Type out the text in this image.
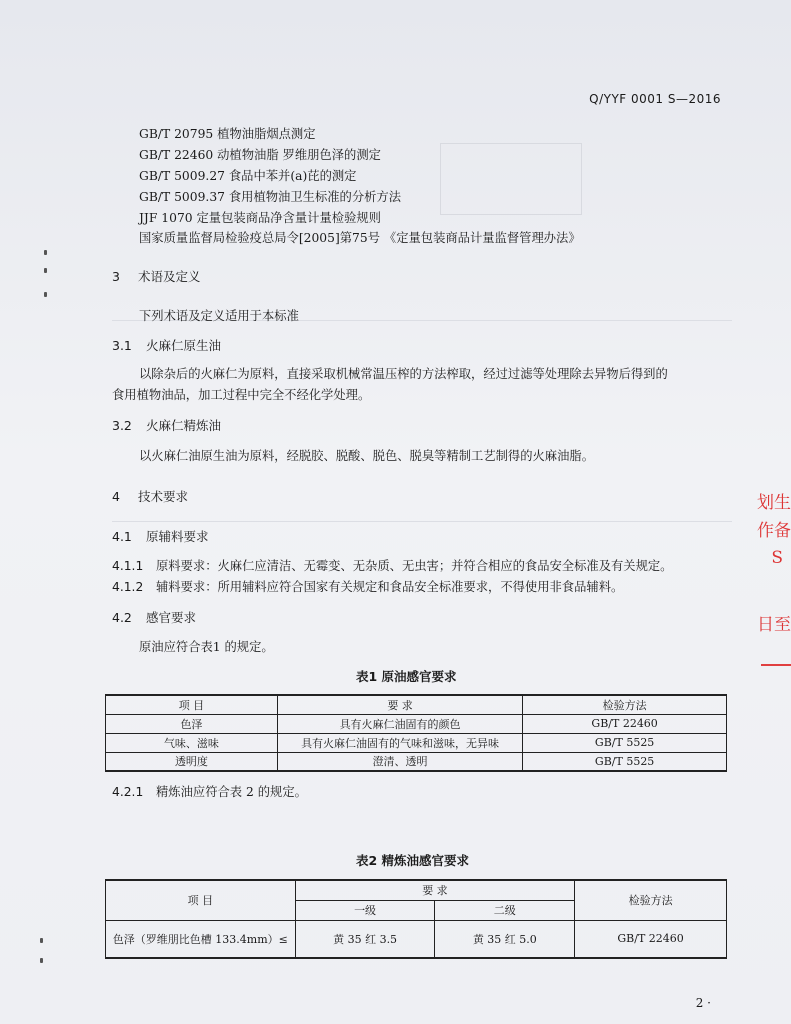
Q/YYF 0001 S—2016
GB/T 20795 植物油脂烟点测定
GB/T 22460 动植物油脂 罗维朋色泽的测定
GB/T 5009.27 食品中苯并(a)芘的测定
GB/T 5009.37 食用植物油卫生标准的分析方法
JJF 1070 定量包装商品净含量计量检验规则
国家质量监督局检验疫总局令[2005]第75号 《定量包装商品计量监督管理办法》
3 术语及定义
下列术语及定义适用于本标准
3.1 火麻仁原生油
以除杂后的火麻仁为原料，直接采取机械常温压榨的方法榨取，经过过滤等处理除去异物后得到的
食用植物油品，加工过程中完全不经化学处理。
3.2 火麻仁精炼油
以火麻仁油原生油为原料，经脱胶、脱酸、脱色、脱臭等精制工艺制得的火麻油脂。
4 技术要求
4.1 原辅料要求
4.1.1 原料要求：火麻仁应清洁、无霉变、无杂质、无虫害；并符合相应的食品安全标准及有关规定。
4.1.2 辅料要求：所用辅料应符合国家有关规定和食品安全标准要求，不得使用非食品辅料。
4.2 感官要求
原油应符合表1 的规定。
表1 原油感官要求
项 目	要 求	检验方法
色泽	具有火麻仁油固有的颜色	GB/T 22460
气味、滋味	具有火麻仁油固有的气味和滋味，无异味	GB/T 5525
透明度	澄清、透明	GB/T 5525
4.2.1 精炼油应符合表 2 的规定。
表2 精炼油感官要求
项 目	要 求		检验方法
	一级	二级	
色泽（罗维朋比色槽 133.4mm）≤	黄 35 红 3.5	黄 35 红 5.0	GB/T 22460
划生
作备
S
日至
2 ·
